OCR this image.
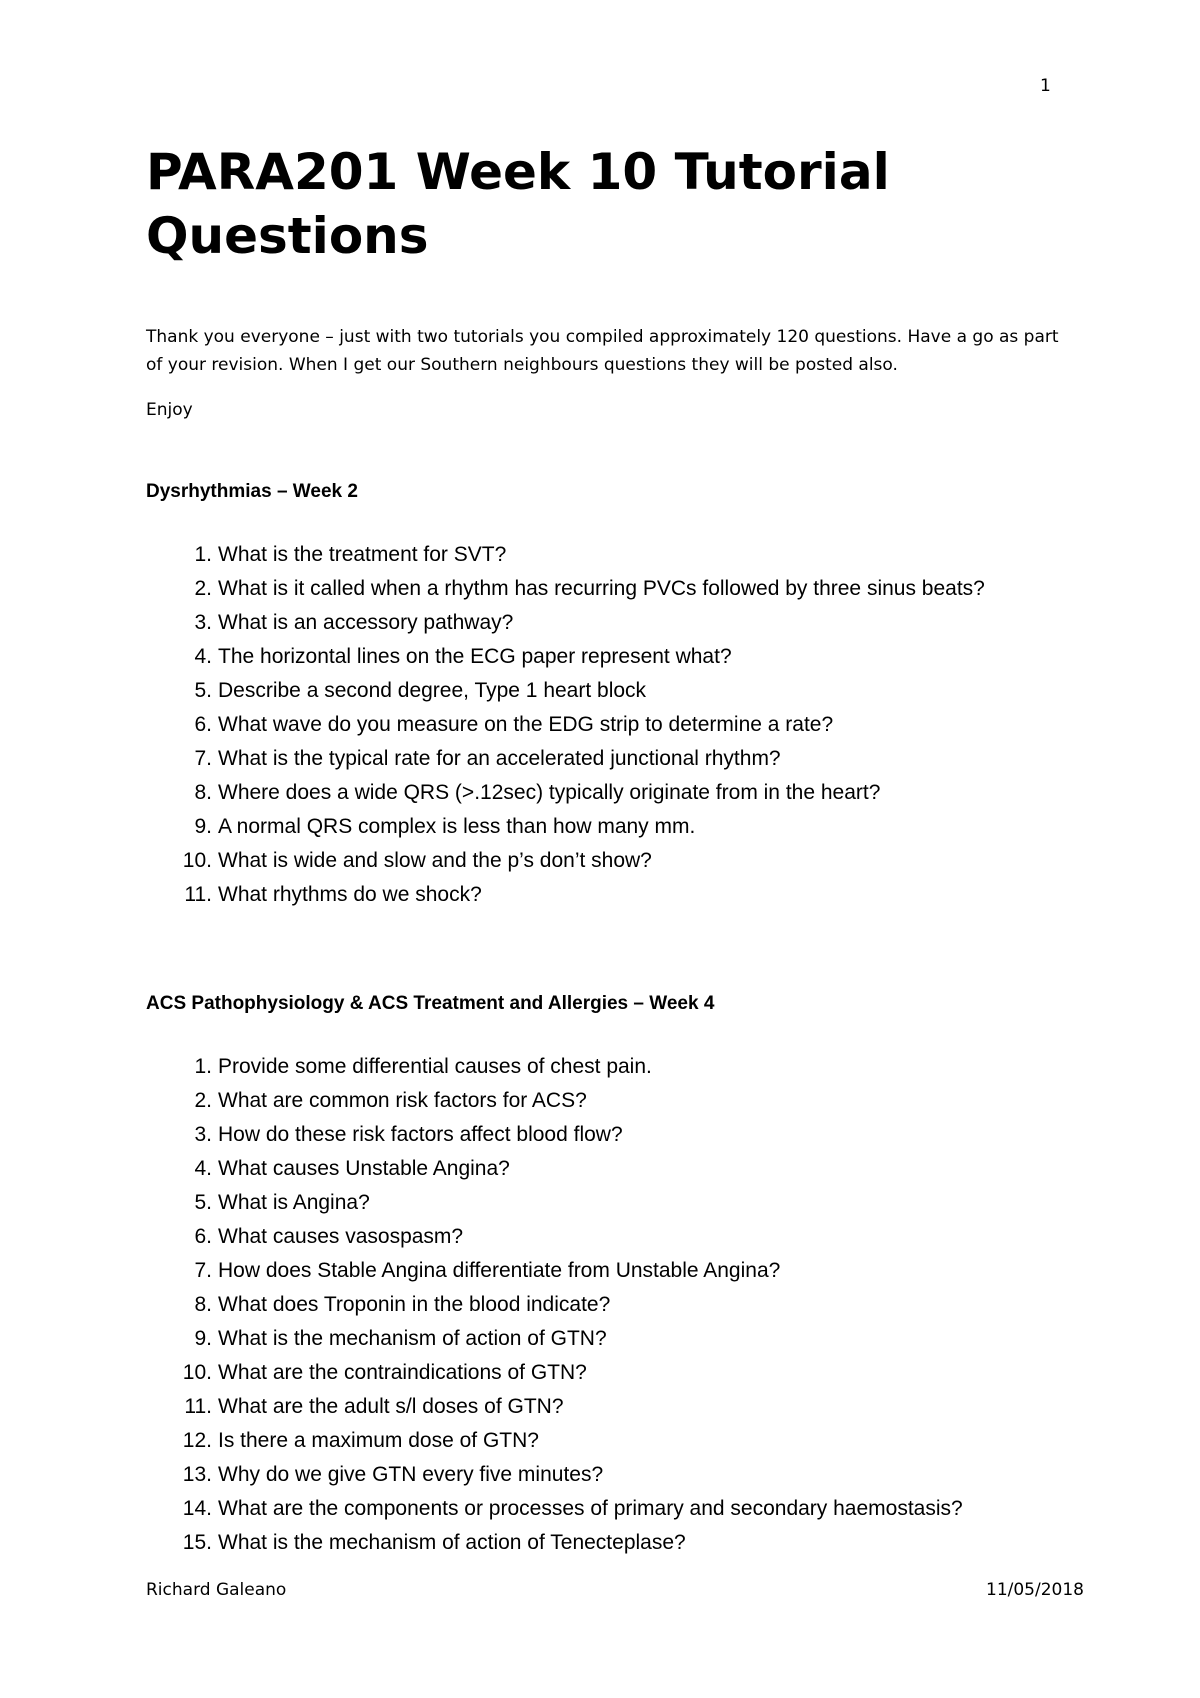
1
PARA201 Week 10 Tutorial Questions

Thank you everyone – just with two tutorials you compiled approximately 120 questions. Have a go as part of your revision. When I get our Southern neighbours questions they will be posted also.

Enjoy

Dysrhythmias – Week 2
1. What is the treatment for SVT?
2. What is it called when a rhythm has recurring PVCs followed by three sinus beats?
3. What is an accessory pathway?
4. The horizontal lines on the ECG paper represent what?
5. Describe a second degree, Type 1 heart block
6. What wave do you measure on the EDG strip to determine a rate?
7. What is the typical rate for an accelerated junctional rhythm?
8. Where does a wide QRS (>.12sec) typically originate from in the heart?
9. A normal QRS complex is less than how many mm.
10. What is wide and slow and the p’s don’t show?
11. What rhythms do we shock?
ACS Pathophysiology & ACS Treatment and Allergies – Week 4
1. Provide some differential causes of chest pain.
2. What are common risk factors for ACS?
3. How do these risk factors affect blood flow?
4. What causes Unstable Angina?
5. What is Angina?
6. What causes vasospasm?
7. How does Stable Angina differentiate from Unstable Angina?
8. What does Troponin in the blood indicate?
9. What is the mechanism of action of GTN?
10. What are the contraindications of GTN?
11. What are the adult s/l doses of GTN?
12. Is there a maximum dose of GTN?
13. Why do we give GTN every five minutes?
14. What are the components or processes of primary and secondary haemostasis?
15. What is the mechanism of action of Tenecteplase?
Richard Galeano	11/05/2018
